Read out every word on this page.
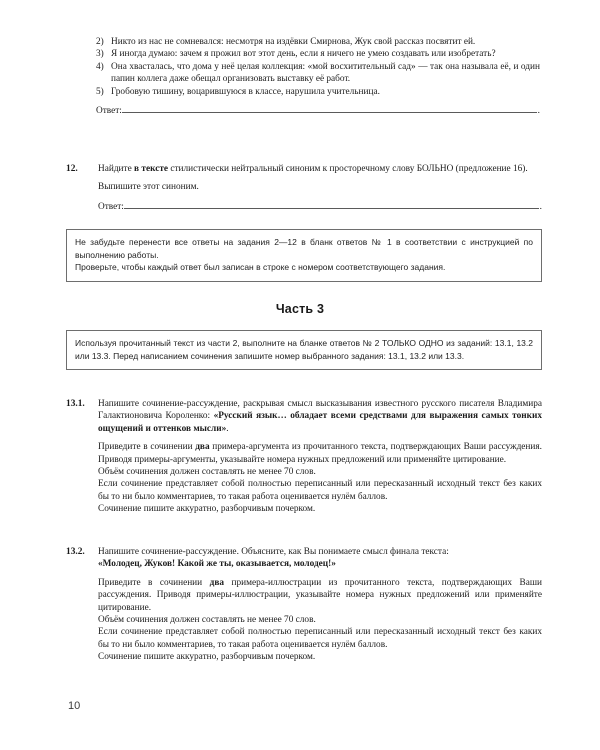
2) Никто из нас не сомневался: несмотря на издёвки Смирнова, Жук свой рассказ посвятит ей.
3) Я иногда думаю: зачем я прожил вот этот день, если я ничего не умею создавать или изобретать?
4) Она хвасталась, что дома у неё целая коллекция: «мой восхитительный сад» — так она называла её, и один папин коллега даже обещал организовать выставку её работ.
5) Гробовую тишину, воцарившуюся в классе, нарушила учительница.
Ответ:	.
12.	Найдите в тексте стилистически нейтральный синоним к просторечному слову БОЛЬНО (предложение 16).

Выпишите этот синоним.

Ответ:	.

Не забудьте перенести все ответы на задания 2—12 в бланк ответов № 1 в соответствии с инструкцией по выполнению работы.

Проверьте, чтобы каждый ответ был записан в строке с номером соответствующего задания.

Часть 3

Используя прочитанный текст из части 2, выполните на бланке ответов № 2 ТОЛЬКО ОДНО из заданий: 13.1, 13.2 или 13.3. Перед написанием сочинения запишите номер выбранного задания: 13.1, 13.2 или 13.3.

13.1.	Напишите сочинение-рассуждение, раскрывая смысл высказывания известного русского писателя Владимира Галактионовича Короленко: «Русский язык… обладает всеми средствами для выражения самых тонких ощущений и оттенков мысли».

Приведите в сочинении два примера-аргумента из прочитанного текста, подтверждающих Ваши рассуждения. Приводя примеры-аргументы, указывайте номера нужных предложений или применяйте цитирование.

Объём сочинения должен составлять не менее 70 слов.

Если сочинение представляет собой полностью переписанный или пересказанный исходный текст без каких бы то ни было комментариев, то такая работа оценивается нулём баллов.

Сочинение пишите аккуратно, разборчивым почерком.

13.2.	Напишите сочинение-рассуждение. Объясните, как Вы понимаете смысл финала текста:

«Молодец, Жуков! Какой же ты, оказывается, молодец!»

Приведите в сочинении два примера-иллюстрации из прочитанного текста, подтверждающих Ваши рассуждения. Приводя примеры-иллюстрации, указывайте номера нужных предложений или применяйте цитирование.

Объём сочинения должен составлять не менее 70 слов.

Если сочинение представляет собой полностью переписанный или пересказанный исходный текст без каких бы то ни было комментариев, то такая работа оценивается нулём баллов.

Сочинение пишите аккуратно, разборчивым почерком.

10
